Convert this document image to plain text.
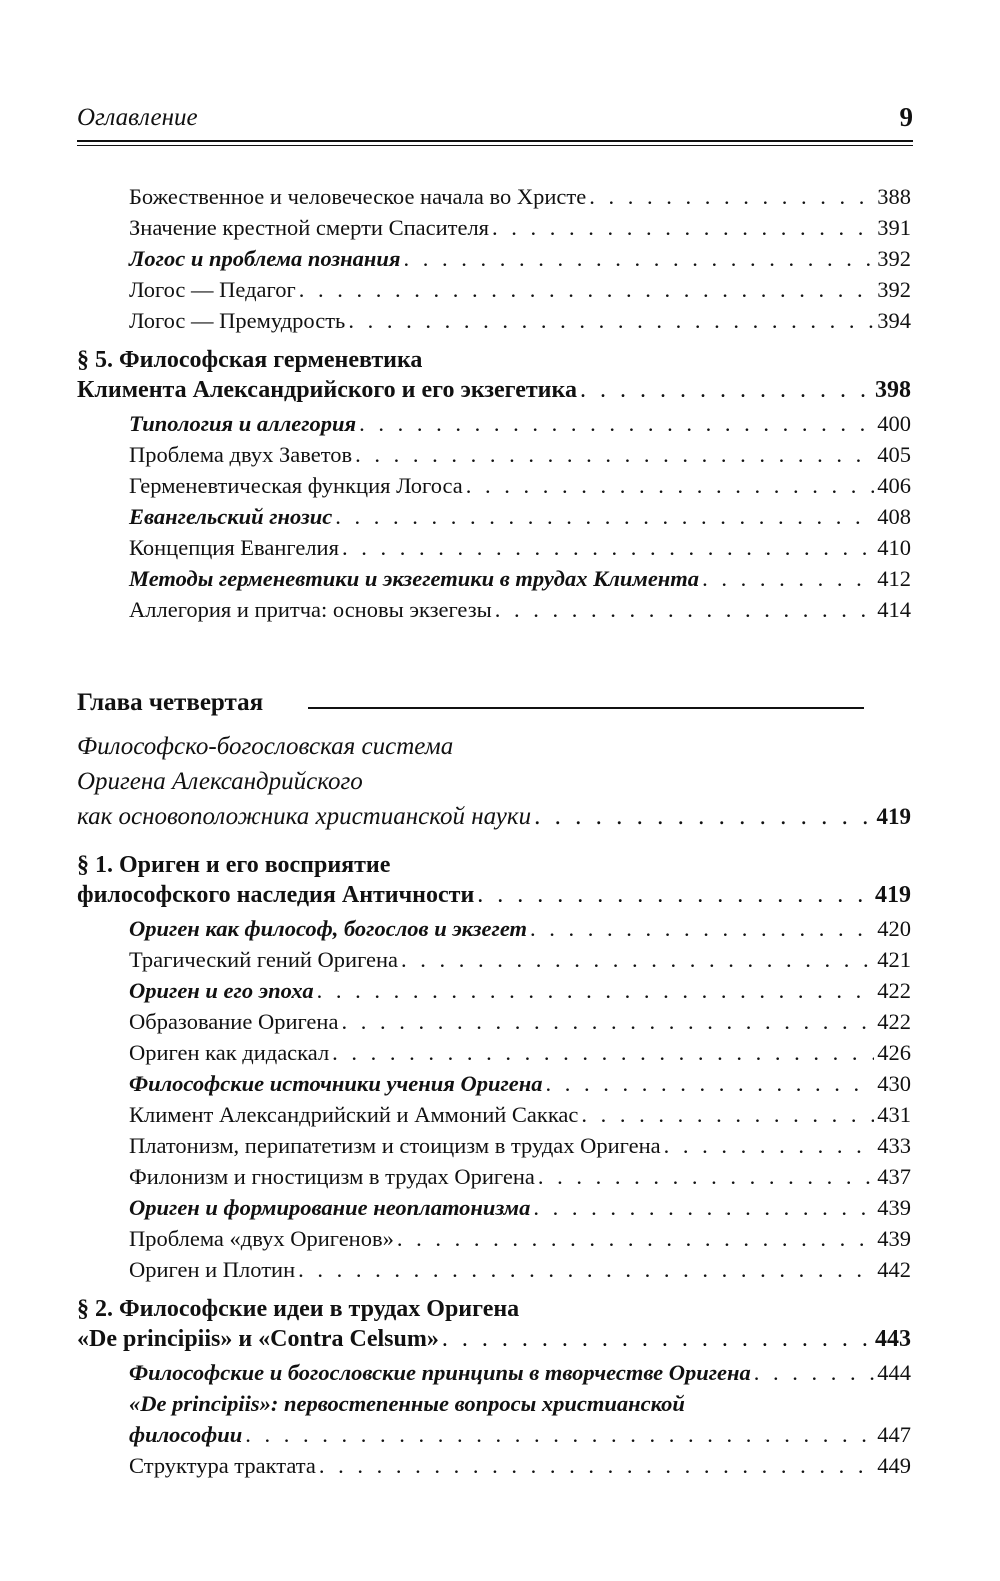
Оглавление	9
Божественное и человеческое начала во Христе . . .	388
Значение крестной смерти Спасителя . . .	391
Логос и проблема познания . . .	392
Логос — Педагог . . .	392
Логос — Премудрость . . .	394
§ 5. Философская герменевтика
Климента Александрийского и его экзегетика . . .	398
Типология и аллегория . . .	400
Проблема двух Заветов . . .	405
Герменевтическая функция Логоса . . .	406
Евангельский гнозис . . .	408
Концепция Евангелия . . .	410
Методы герменевтики и экзегетики в трудах Климента . . .	412
Аллегория и притча: основы экзегезы . . .	414
Глава четвертая
Философско-богословская система
Оригена Александрийского
как основоположника христианской науки . . .	419
§ 1. Ориген и его восприятие
философского наследия Античности . . .	419
Ориген как философ, богослов и экзегет . . .	420
Трагический гений Оригена . . .	421
Ориген и его эпоха . . .	422
Образование Оригена . . .	422
Ориген как дидаскал . . .	426
Философские источники учения Оригена . . .	430
Климент Александрийский и Аммоний Саккас . . .	431
Платонизм, перипатетизм и стоицизм в трудах Оригена . . .	433
Филонизм и гностицизм в трудах Оригена . . .	437
Ориген и формирование неоплатонизма . . .	439
Проблема «двух Оригенов» . . .	439
Ориген и Плотин . . .	442
§ 2. Философские идеи в трудах Оригена
«De principiis» и «Contra Celsum» . . .	443
Философские и богословские принципы в творчестве Оригена . . .	444
«De principiis»: первостепенные вопросы христианской
философии . . .	447
Структура трактата . . .	449
